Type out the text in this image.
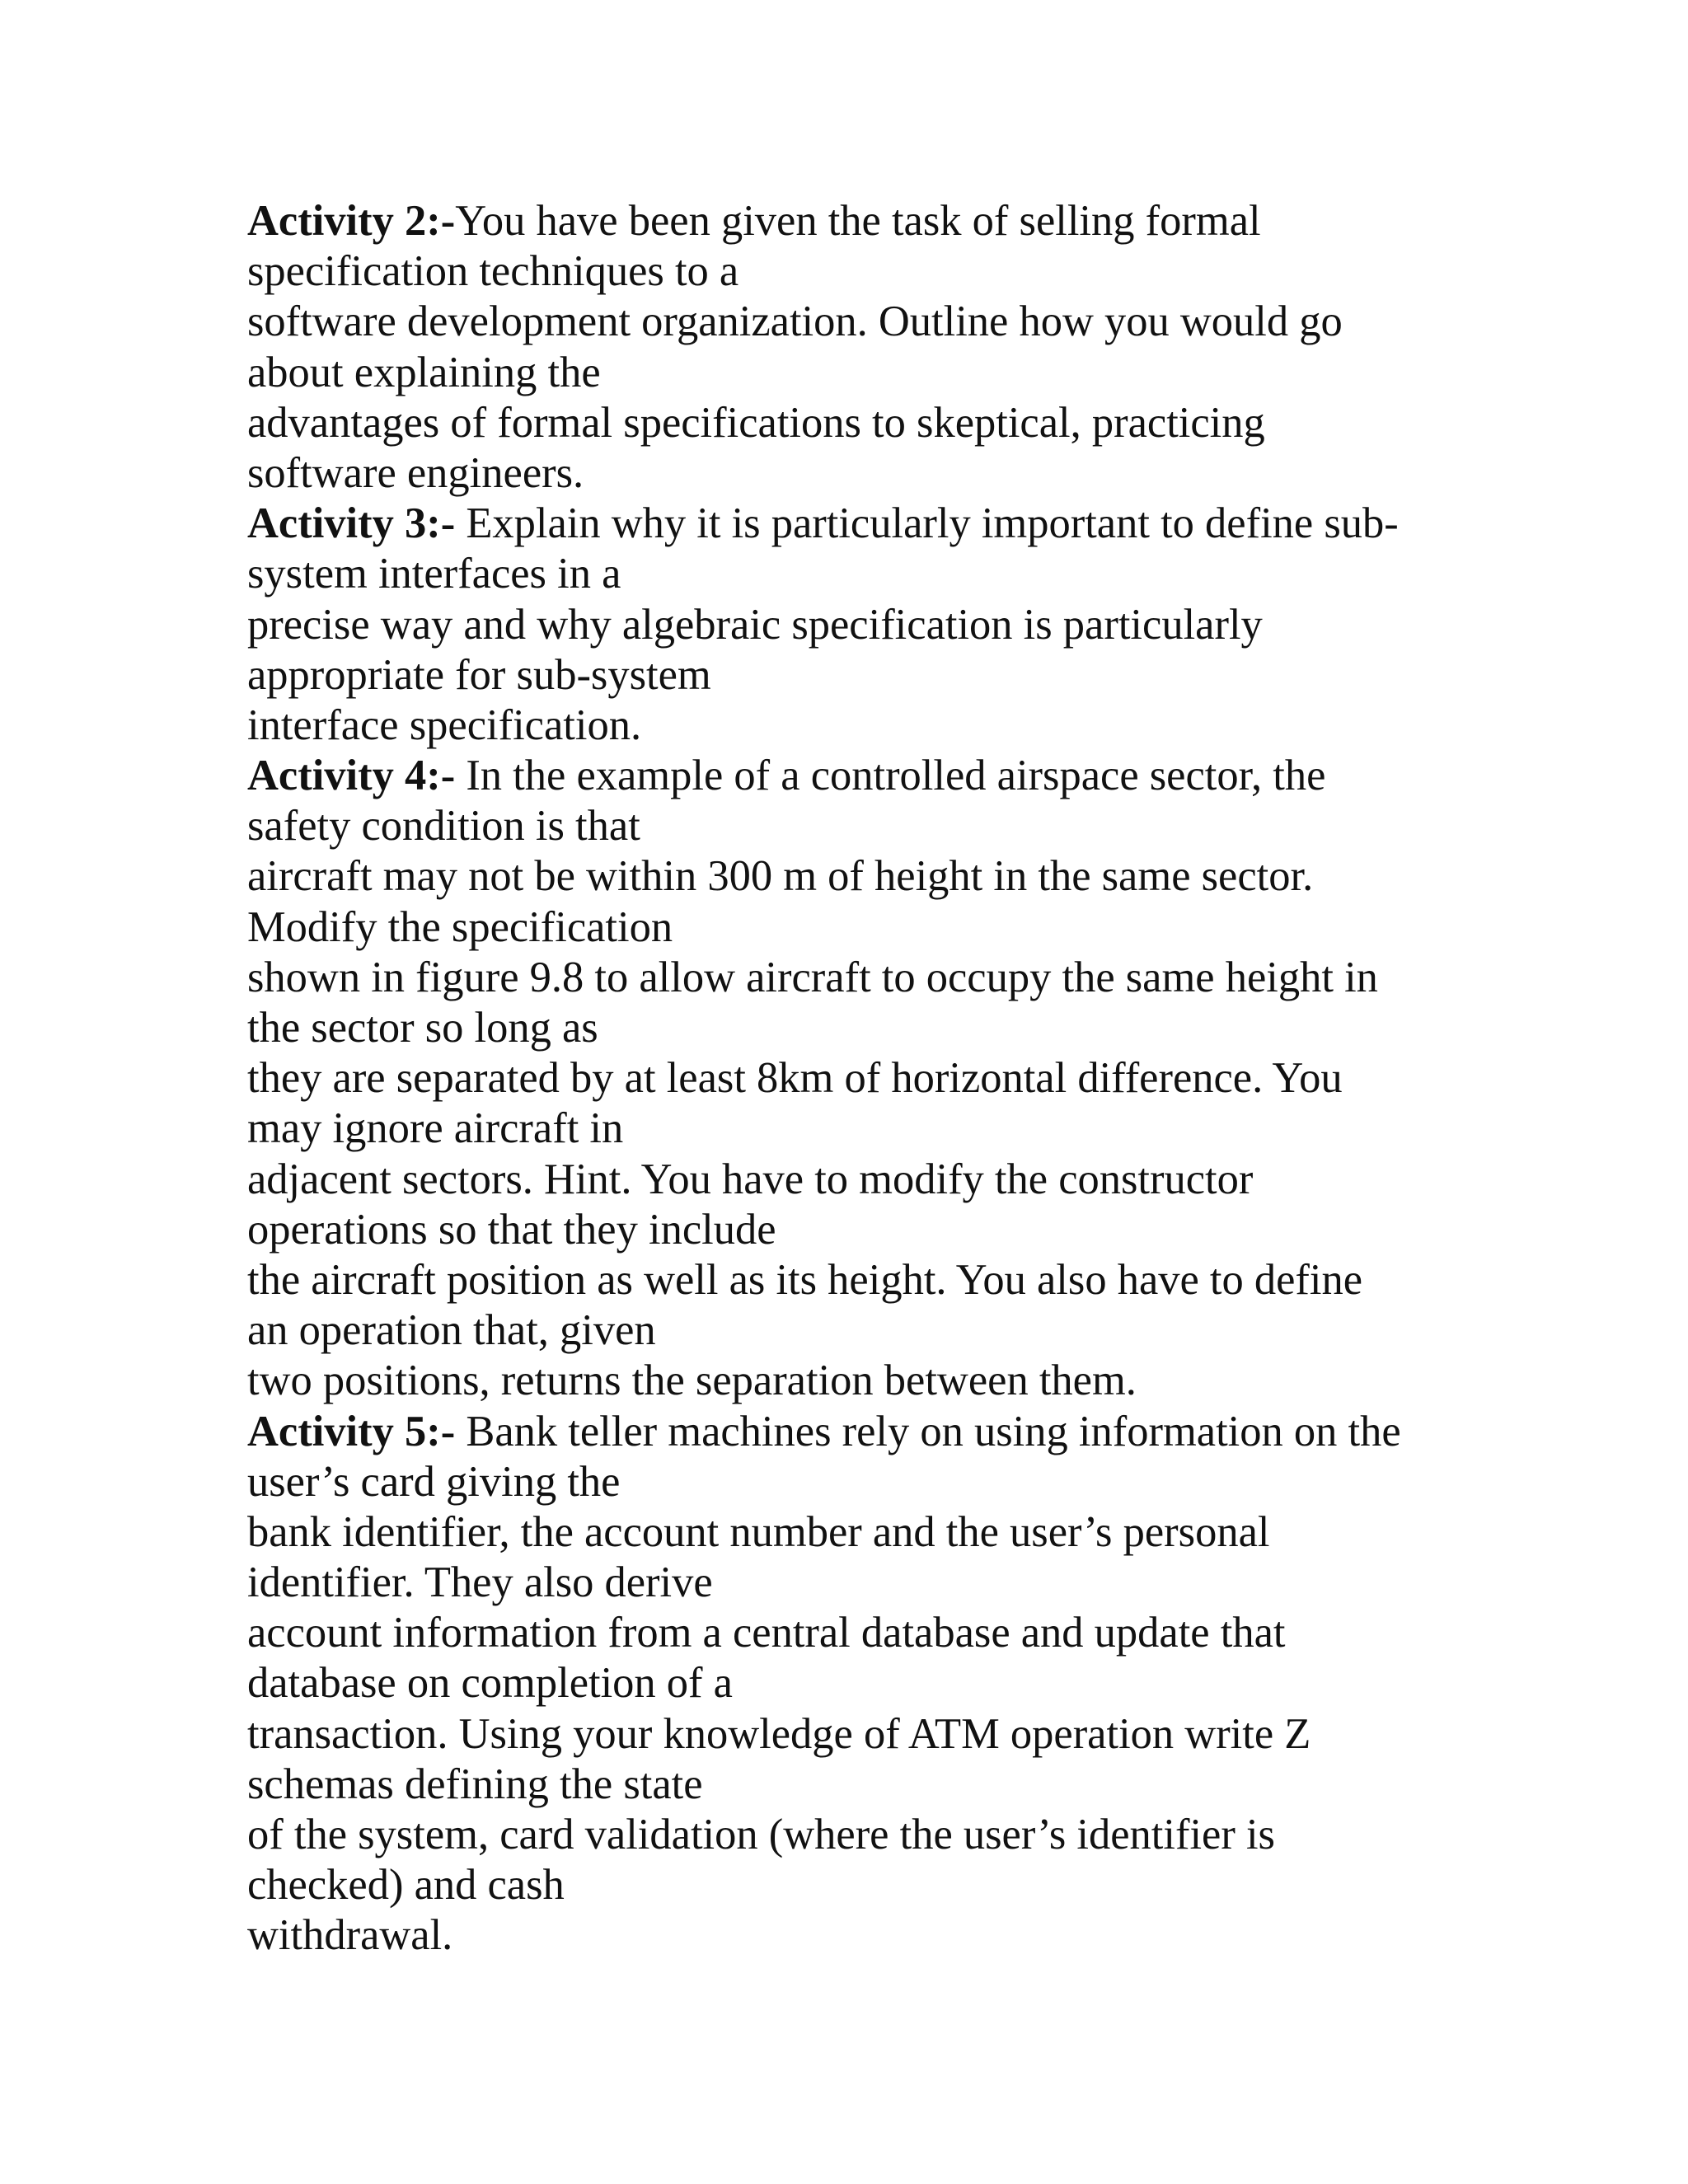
Activity 2:-You have been given the task of selling formal
specification techniques to a
software development organization. Outline how you would go
about explaining the
advantages of formal specifications to skeptical, practicing
software engineers.
Activity 3:- Explain why it is particularly important to define sub-
system interfaces in a
precise way and why algebraic specification is particularly
appropriate for sub-system
interface specification.
Activity 4:- In the example of a controlled airspace sector, the
safety condition is that
aircraft may not be within 300 m of height in the same sector.
Modify the specification
shown in figure 9.8 to allow aircraft to occupy the same height in
the sector so long as
they are separated by at least 8km of horizontal difference. You
may ignore aircraft in
adjacent sectors. Hint. You have to modify the constructor
operations so that they include
the aircraft position as well as its height. You also have to define
an operation that, given
two positions, returns the separation between them.
Activity 5:- Bank teller machines rely on using information on the
user’s card giving the
bank identifier, the account number and the user’s personal
identifier. They also derive
account information from a central database and update that
database on completion of a
transaction. Using your knowledge of ATM operation write Z
schemas defining the state
of the system, card validation (where the user’s identifier is
checked) and cash
withdrawal.
